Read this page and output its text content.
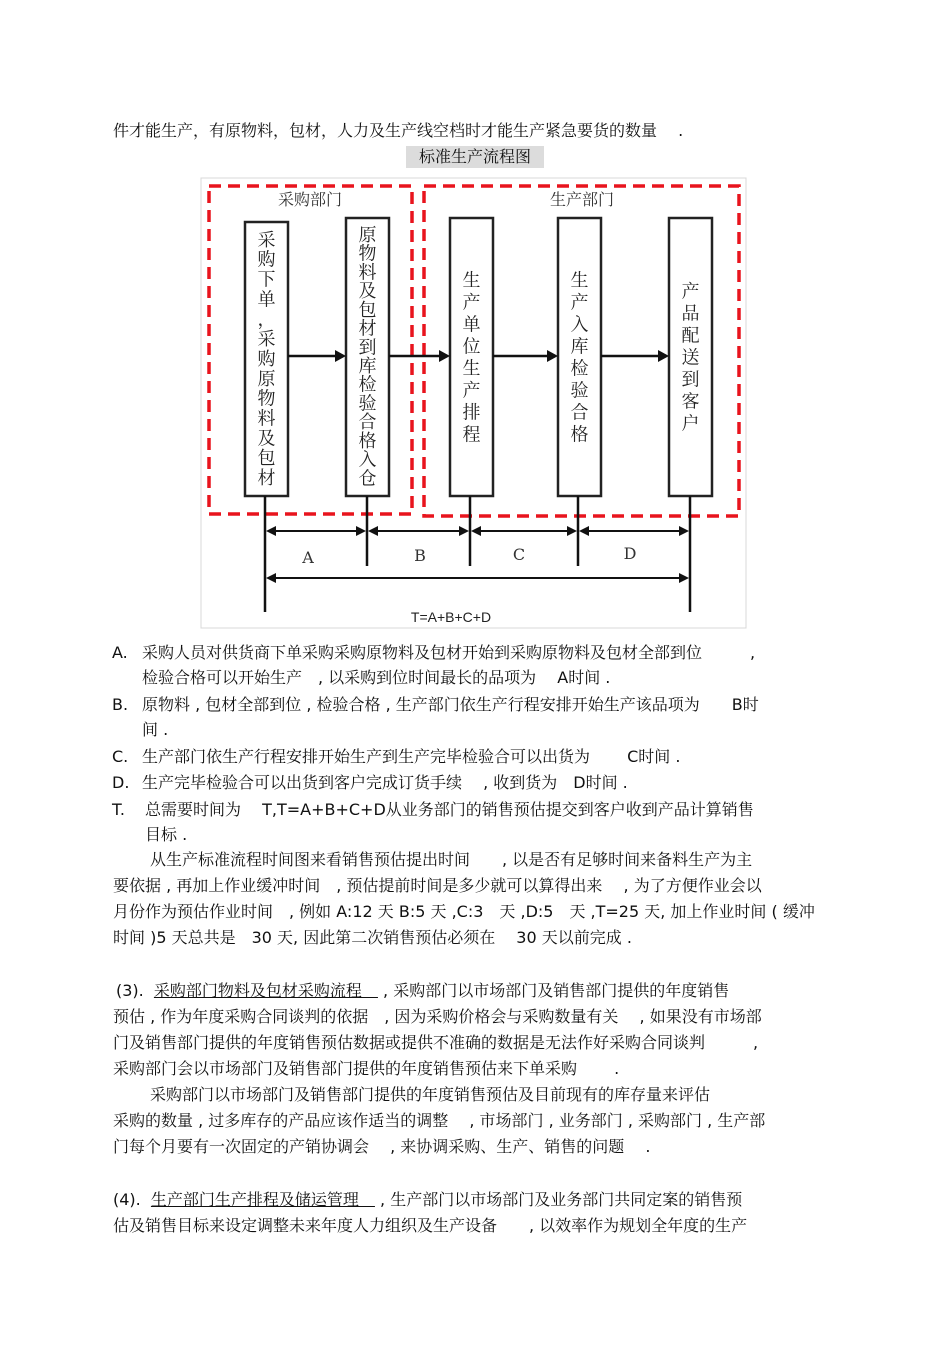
件才能生产，有原物料，包材，人力及生产线空档时才能生产紧急要货的数量　 .
标准生产流程图
采购部门	生产部门
采购下单，采购原物料及包材
原物料及包材到库检验合格入仓
生产单位生产排程
生产入库检验合格
产品配送到客户
A	B	C	D
T=A+B+C+D
A. 采购人员对供货商下单采购采购原物料及包材开始到采购原物料及包材全部到位　　　,
检验合格可以开始生产　, 以采购到位时间最长的品项为　 A时间 .
B. 原物料 , 包材全部到位 , 检验合格 , 生产部门依生产行程安排开始生产该品项为　　B时
间 .
C. 生产部门依生产行程安排开始生产到生产完毕检验合可以出货为　　 C时间 .
D. 生产完毕检验合可以出货到客户完成订货手续　 , 收到货为　D时间 .
T. 总需要时间为　 T,T=A+B+C+D从业务部门的销售预估提交到客户收到产品计算销售
目标 .
从生产标准流程时间图来看销售预估提出时间　　, 以是否有足够时间来备料生产为主
要依据 , 再加上作业缓冲时间　, 预估提前时间是多少就可以算得出来　 , 为了方便作业会以
月份作为预估作业时间　, 例如 A:12 天 B:5 天 ,C:3　天 ,D:5　天 ,T=25 天, 加上作业时间 ( 缓冲
时间 )5 天总共是　30 天, 因此第二次销售预估必须在　 30 天以前完成 .
(3). 采购部门物料及包材采购流程　 , 采购部门以市场部门及销售部门提供的年度销售
预估 , 作为年度采购合同谈判的依据　, 因为采购价格会与采购数量有关　 , 如果没有市场部
门及销售部门提供的年度销售预估数据或提供不准确的数据是无法作好采购合同谈判　　　,
采购部门会以市场部门及销售部门提供的年度销售预估来下单采购　　 .
采购部门以市场部门及销售部门提供的年度销售预估及目前现有的库存量来评估
采购的数量 , 过多库存的产品应该作适当的调整　 , 市场部门 , 业务部门 , 采购部门 , 生产部
门每个月要有一次固定的产销协调会　 , 来协调采购、生产、销售的问题　 .
(4). 生产部门生产排程及储运管理　 , 生产部门以市场部门及业务部门共同定案的销售预
估及销售目标来设定调整未来年度人力组织及生产设备　　, 以效率作为规划全年度的生产
